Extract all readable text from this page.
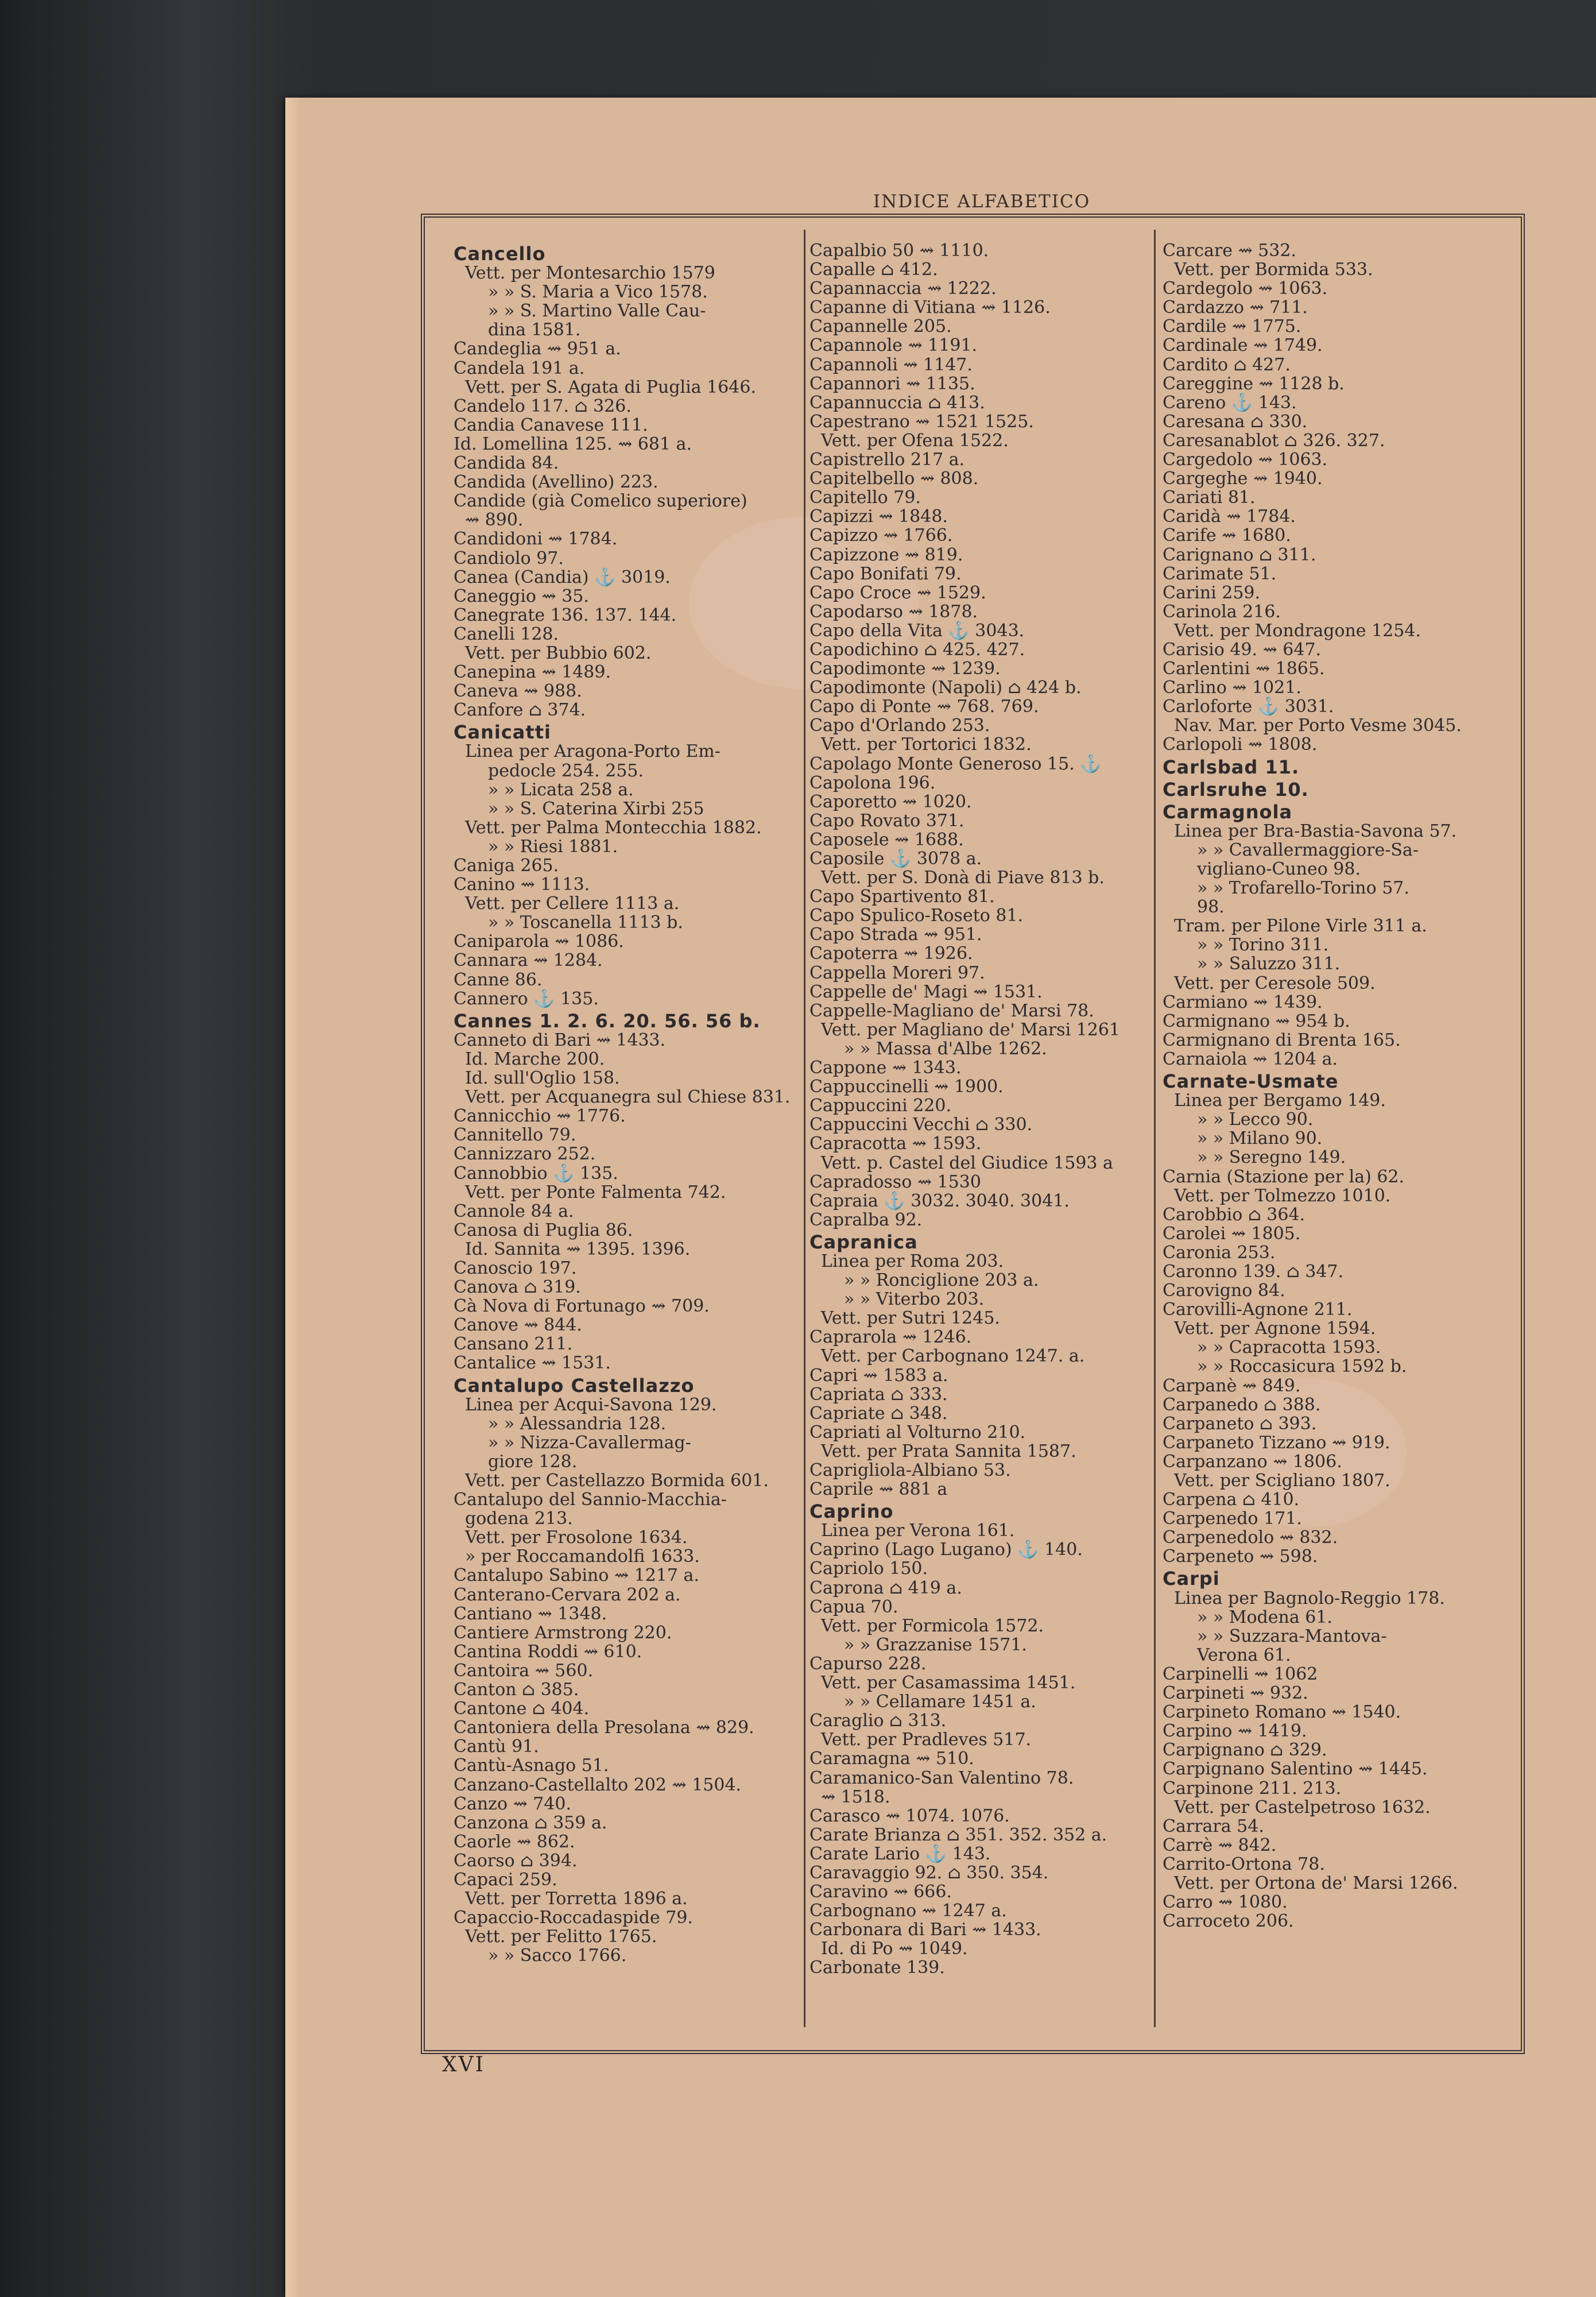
INDICE ALFABETICO
Cancello
Vett. per Montesarchio 1579
» » S. Maria a Vico 1578.
» » S. Martino Valle Cau-
dina 1581.
Candeglia ⇝ 951 a.
Candela 191 a.
Vett. per S. Agata di Puglia 1646.
Candelo 117. ⌂ 326.
Candia Canavese 111.
Id. Lomellina 125. ⇝ 681 a.
Candida 84.
Candida (Avellino) 223.
Candide (già Comelico superiore)
⇝ 890.
Candidoni ⇝ 1784.
Candiolo 97.
Canea (Candia) ⚓ 3019.
Caneggio ⇝ 35.
Canegrate 136. 137. 144.
Canelli 128.
Vett. per Bubbio 602.
Canepina ⇝ 1489.
Caneva ⇝ 988.
Canfore ⌂ 374.
Canicatti
Linea per Aragona-Porto Em-
pedocle 254. 255.
» » Licata 258 a.
» » S. Caterina Xirbi 255
Vett. per Palma Montecchia 1882.
» » Riesi 1881.
Caniga 265.
Canino ⇝ 1113.
Vett. per Cellere 1113 a.
» » Toscanella 1113 b.
Caniparola ⇝ 1086.
Cannara ⇝ 1284.
Canne 86.
Cannero ⚓ 135.
Cannes 1. 2. 6. 20. 56. 56 b.
Canneto di Bari ⇝ 1433.
Id. Marche 200.
Id. sull'Oglio 158.
Vett. per Acquanegra sul Chiese 831.
Cannicchio ⇝ 1776.
Cannitello 79.
Cannizzaro 252.
Cannobbio ⚓ 135.
Vett. per Ponte Falmenta 742.
Cannole 84 a.
Canosa di Puglia 86.
Id. Sannita ⇝ 1395. 1396.
Canoscio 197.
Canova ⌂ 319.
Cà Nova di Fortunago ⇝ 709.
Canove ⇝ 844.
Cansano 211.
Cantalice ⇝ 1531.
Cantalupo Castellazzo
Linea per Acqui-Savona 129.
» » Alessandria 128.
» » Nizza-Cavallermag-
giore 128.
Vett. per Castellazzo Bormida 601.
Cantalupo del Sannio-Macchia-
godena 213.
Vett. per Frosolone 1634.
» per Roccamandolfi 1633.
Cantalupo Sabino ⇝ 1217 a.
Canterano-Cervara 202 a.
Cantiano ⇝ 1348.
Cantiere Armstrong 220.
Cantina Roddi ⇝ 610.
Cantoira ⇝ 560.
Canton ⌂ 385.
Cantone ⌂ 404.
Cantoniera della Presolana ⇝ 829.
Cantù 91.
Cantù-Asnago 51.
Canzano-Castellalto 202 ⇝ 1504.
Canzo ⇝ 740.
Canzona ⌂ 359 a.
Caorle ⇝ 862.
Caorso ⌂ 394.
Capaci 259.
Vett. per Torretta 1896 a.
Capaccio-Roccadaspide 79.
Vett. per Felitto 1765.
» » Sacco 1766.
Capalbio 50 ⇝ 1110.
Capalle ⌂ 412.
Capannaccia ⇝ 1222.
Capanne di Vitiana ⇝ 1126.
Capannelle 205.
Capannole ⇝ 1191.
Capannoli ⇝ 1147.
Capannori ⇝ 1135.
Capannuccia ⌂ 413.
Capestrano ⇝ 1521 1525.
Vett. per Ofena 1522.
Capistrello 217 a.
Capitelbello ⇝ 808.
Capitello 79.
Capizzi ⇝ 1848.
Capizzo ⇝ 1766.
Capizzone ⇝ 819.
Capo Bonifati 79.
Capo Croce ⇝ 1529.
Capodarso ⇝ 1878.
Capo della Vita ⚓ 3043.
Capodichino ⌂ 425. 427.
Capodimonte ⇝ 1239.
Capodimonte (Napoli) ⌂ 424 b.
Capo di Ponte ⇝ 768. 769.
Capo d'Orlando 253.
Vett. per Tortorici 1832.
Capolago Monte Generoso 15. ⚓
Capolona 196.
Caporetto ⇝ 1020.
Capo Rovato 371.
Caposele ⇝ 1688.
Caposile ⚓ 3078 a.
Vett. per S. Donà di Piave 813 b.
Capo Spartivento 81.
Capo Spulico-Roseto 81.
Capo Strada ⇝ 951.
Capoterra ⇝ 1926.
Cappella Moreri 97.
Cappelle de' Magi ⇝ 1531.
Cappelle-Magliano de' Marsi 78.
Vett. per Magliano de' Marsi 1261
» » Massa d'Albe 1262.
Cappone ⇝ 1343.
Cappuccinelli ⇝ 1900.
Cappuccini 220.
Cappuccini Vecchi ⌂ 330.
Capracotta ⇝ 1593.
Vett. p. Castel del Giudice 1593 a
Capradosso ⇝ 1530
Capraia ⚓ 3032. 3040. 3041.
Capralba 92.
Capranica
Linea per Roma 203.
» » Ronciglione 203 a.
» » Viterbo 203.
Vett. per Sutri 1245.
Caprarola ⇝ 1246.
Vett. per Carbognano 1247. a.
Capri ⇝ 1583 a.
Capriata ⌂ 333.
Capriate ⌂ 348.
Capriati al Volturno 210.
Vett. per Prata Sannita 1587.
Caprigliola-Albiano 53.
Caprile ⇝ 881 a
Caprino
Linea per Verona 161.
Caprino (Lago Lugano) ⚓ 140.
Capriolo 150.
Caprona ⌂ 419 a.
Capua 70.
Vett. per Formicola 1572.
» » Grazzanise 1571.
Capurso 228.
Vett. per Casamassima 1451.
» » Cellamare 1451 a.
Caraglio ⌂ 313.
Vett. per Pradleves 517.
Caramagna ⇝ 510.
Caramanico-San Valentino 78.
⇝ 1518.
Carasco ⇝ 1074. 1076.
Carate Brianza ⌂ 351. 352. 352 a.
Carate Lario ⚓ 143.
Caravaggio 92. ⌂ 350. 354.
Caravino ⇝ 666.
Carbognano ⇝ 1247 a.
Carbonara di Bari ⇝ 1433.
Id. di Po ⇝ 1049.
Carbonate 139.
Carcare ⇝ 532.
Vett. per Bormida 533.
Cardegolo ⇝ 1063.
Cardazzo ⇝ 711.
Cardile ⇝ 1775.
Cardinale ⇝ 1749.
Cardito ⌂ 427.
Careggine ⇝ 1128 b.
Careno ⚓ 143.
Caresana ⌂ 330.
Caresanablot ⌂ 326. 327.
Cargedolo ⇝ 1063.
Cargeghe ⇝ 1940.
Cariati 81.
Caridà ⇝ 1784.
Carife ⇝ 1680.
Carignano ⌂ 311.
Carimate 51.
Carini 259.
Carinola 216.
Vett. per Mondragone 1254.
Carisio 49. ⇝ 647.
Carlentini ⇝ 1865.
Carlino ⇝ 1021.
Carloforte ⚓ 3031.
Nav. Mar. per Porto Vesme 3045.
Carlopoli ⇝ 1808.
Carlsbad 11.
Carlsruhe 10.
Carmagnola
Linea per Bra-Bastia-Savona 57.
» » Cavallermaggiore-Sa-
vigliano-Cuneo 98.
» » Trofarello-Torino 57.
98.
Tram. per Pilone Virle 311 a.
» » Torino 311.
» » Saluzzo 311.
Vett. per Ceresole 509.
Carmiano ⇝ 1439.
Carmignano ⇝ 954 b.
Carmignano di Brenta 165.
Carnaiola ⇝ 1204 a.
Carnate-Usmate
Linea per Bergamo 149.
» » Lecco 90.
» » Milano 90.
» » Seregno 149.
Carnia (Stazione per la) 62.
Vett. per Tolmezzo 1010.
Carobbio ⌂ 364.
Carolei ⇝ 1805.
Caronia 253.
Caronno 139. ⌂ 347.
Carovigno 84.
Carovilli-Agnone 211.
Vett. per Agnone 1594.
» » Capracotta 1593.
» » Roccasicura 1592 b.
Carpanè ⇝ 849.
Carpanedo ⌂ 388.
Carpaneto ⌂ 393.
Carpaneto Tizzano ⇝ 919.
Carpanzano ⇝ 1806.
Vett. per Scigliano 1807.
Carpena ⌂ 410.
Carpenedo 171.
Carpenedolo ⇝ 832.
Carpeneto ⇝ 598.
Carpi
Linea per Bagnolo-Reggio 178.
» » Modena 61.
» » Suzzara-Mantova-
Verona 61.
Carpinelli ⇝ 1062
Carpineti ⇝ 932.
Carpineto Romano ⇝ 1540.
Carpino ⇝ 1419.
Carpignano ⌂ 329.
Carpignano Salentino ⇝ 1445.
Carpinone 211. 213.
Vett. per Castelpetroso 1632.
Carrara 54.
Carrè ⇝ 842.
Carrito-Ortona 78.
Vett. per Ortona de' Marsi 1266.
Carro ⇝ 1080.
Carroceto 206.
XVI
